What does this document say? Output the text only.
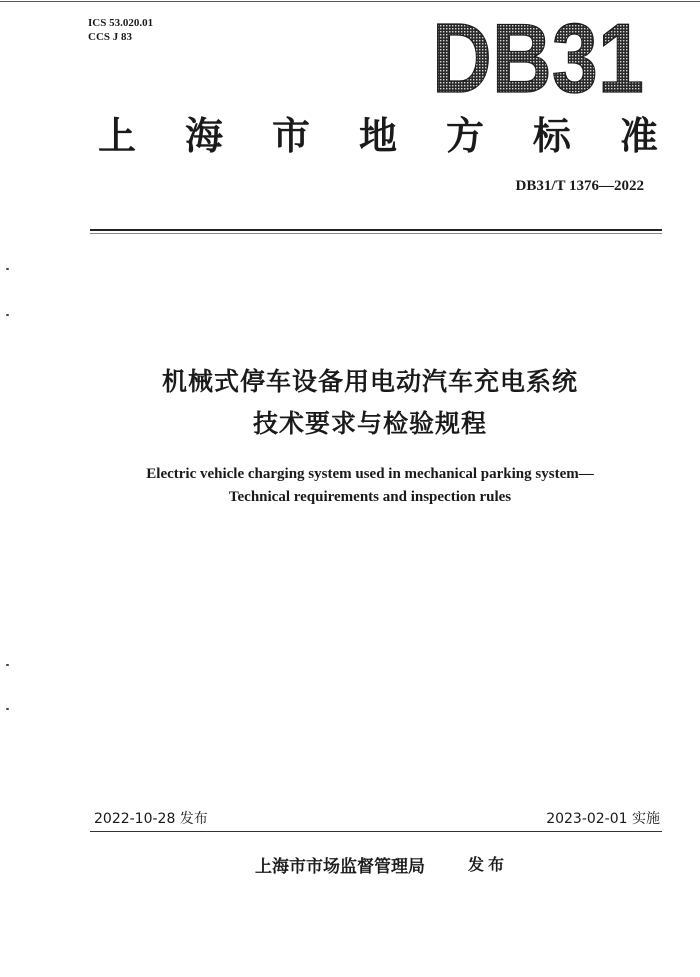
ICS 53.020.01
CCS J 83	DB31
上 海 市 地 方 标 准
DB31/T 1376—2022
机械式停车设备用电动汽车充电系统
技术要求与检验规程
Electric vehicle charging system used in mechanical parking system—
Technical requirements and inspection rules
2022-10-28 发布	2023-02-01 实施
上海市市场监督管理局	发布
